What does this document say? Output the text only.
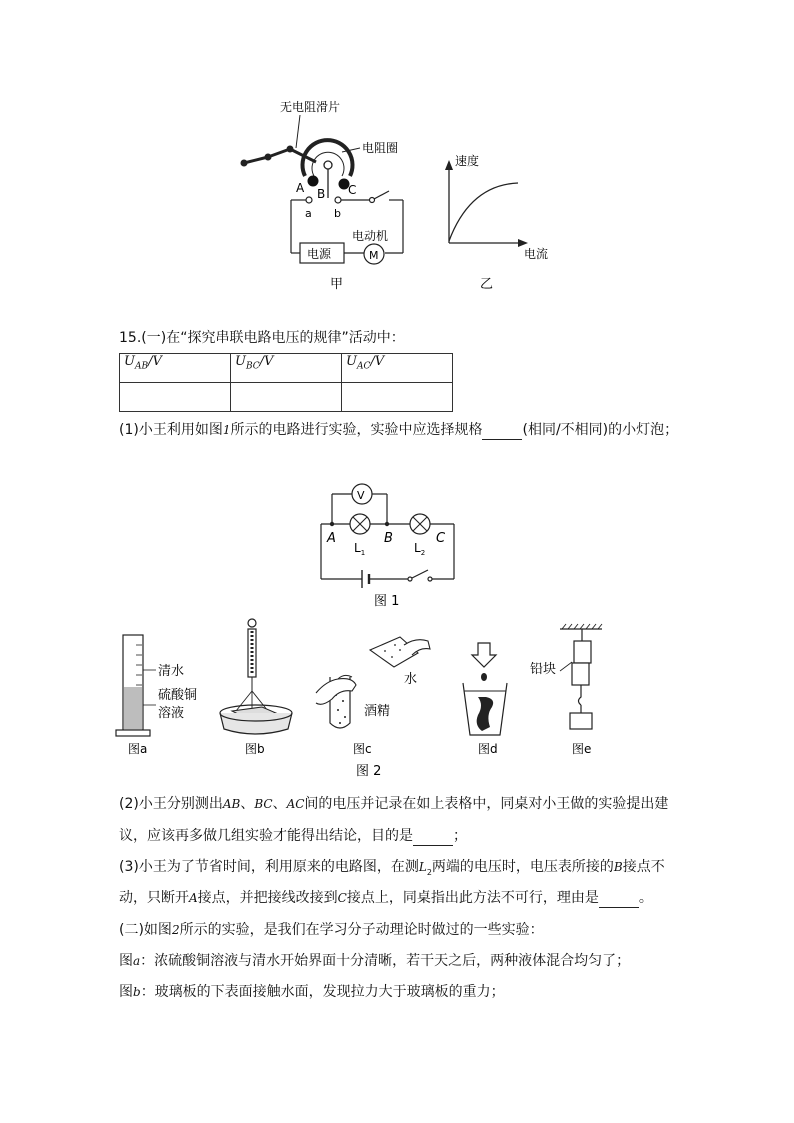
无电阻滑片
电阻圈
A B C
a b
电源
电动机
M
甲
速度
电流
乙
15.(一)在“探究串联电路电压的规律”活动中：
$U_{AB}/V$	$U_{BC}/V$	$U_{AC}/V$

(1)小王利用如图1所示的电路进行实验，实验中应选择规格	(相同/不相同)的小灯泡；
V
A	B	C
$L_1$	$L_2$
图 1
清水
硫酸铜
溶液
水
酒精
铅块
图a	图b	图c	图d	图e
图 2
(2)小王分别测出AB、BC、AC间的电压并记录在如上表格中，同桌对小王做的实验提出建
议，应该再多做几组实验才能得出结论，目的是	；
(3)小王为了节省时间，利用原来的电路图，在测$L_2$两端的电压时，电压表所接的B接点不
动，只断开A接点，并把接线改接到C接点上，同桌指出此方法不可行，理由是	。
(二)如图2所示的实验，是我们在学习分子动理论时做过的一些实验：
图a：浓硫酸铜溶液与清水开始界面十分清晰，若干天之后，两种液体混合均匀了；
图b：玻璃板的下表面接触水面，发现拉力大于玻璃板的重力；
